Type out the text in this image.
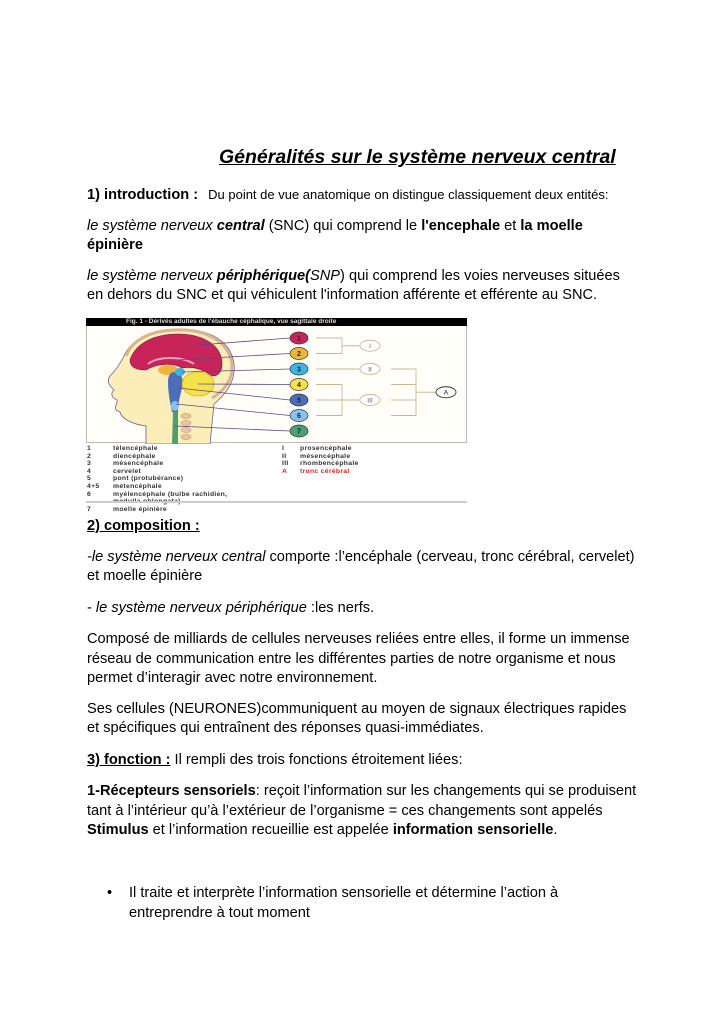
Généralités sur le système nerveux central

1) introduction : Du point de vue anatomique on distingue classiquement deux entités:

le système nerveux central (SNC) qui comprend le l'encephale et la moelle

épinière

le système nerveux périphérique(SNP) qui comprend les voies nerveuses situées

en dehors du SNC et qui véhiculent l'information afférente et efférente au SNC.

Fig. 1 - Dérivés adultes de l'ébauche céphalique, vue sagittale droite
1
2
3
4
5
6
7
I
II
III
A
1	télencéphale
2	diencéphale
3	mésencéphale
4	cervelet
5	pont (protubérance)
4+5 métencéphale
6	myélencéphale (bulbe rachidien,
7	moelle épinière
I prosencéphale
II mésencéphale
III rhombencéphale
A tronc cérébral

2) composition :

-le système nerveux central comporte :l’encéphale (cerveau, tronc cérébral, cervelet)

et moelle épinière

- le système nerveux périphérique :les nerfs.

Composé de milliards de cellules nerveuses reliées entre elles, il forme un immense

réseau de communication entre les différentes parties de notre organisme et nous

permet d’interagir avec notre environnement.

Ses cellules (NEURONES)communiquent au moyen de signaux électriques rapides

et spécifiques qui entraînent des réponses quasi-immédiates.

3) fonction : Il rempli des trois fonctions étroitement liées:

1-Récepteurs sensoriels: reçoit l’information sur les changements qui se produisent

tant à l’intérieur qu’à l’extérieur de l’organisme = ces changements sont appelés

Stimulus et l’information recueillie est appelée information sensorielle.

• Il traite et interprète l’information sensorielle et détermine l’action à

entreprendre à tout moment
